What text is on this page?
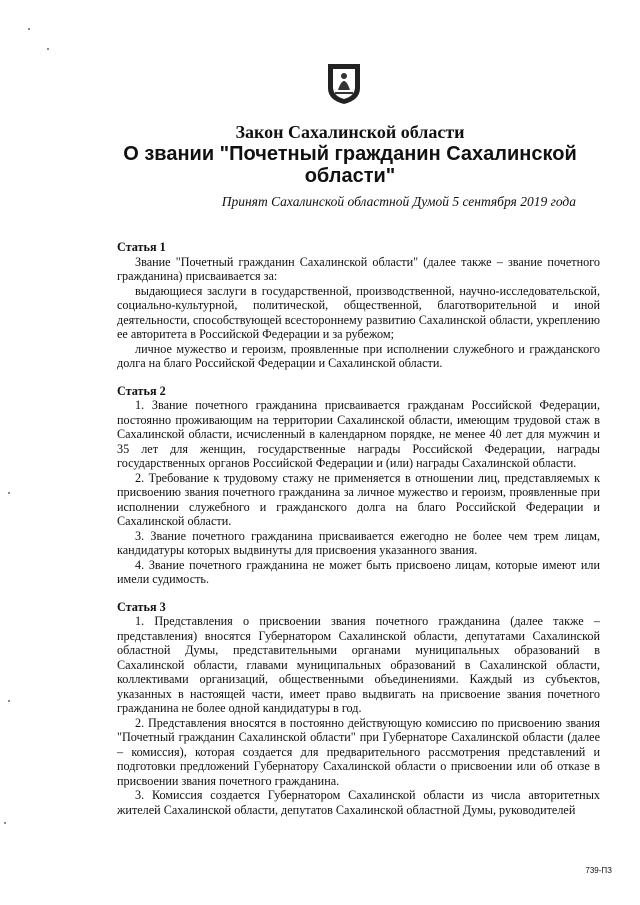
Закон Сахалинской области
О звании "Почетный гражданин Сахалинской
области"
Принят Сахалинской областной Думой 5 сентября 2019 года
Статья 1

Звание "Почетный гражданин Сахалинской области" (далее также – звание почетного гражданина) присваивается за:

выдающиеся заслуги в государственной, производственной, научно-исследовательской, социально-культурной, политической, общественной, благотворительной и иной деятельности, способствующей всестороннему развитию Сахалинской области, укреплению ее авторитета в Российской Федерации и за рубежом;

личное мужество и героизм, проявленные при исполнении служебного и гражданского долга на благо Российской Федерации и Сахалинской области.

Статья 2

1. Звание почетного гражданина присваивается гражданам Российской Федерации, постоянно проживающим на территории Сахалинской области, имеющим трудовой стаж в Сахалинской области, исчисленный в календарном порядке, не менее 40 лет для мужчин и 35 лет для женщин, государственные награды Российской Федерации, награды государственных органов Российской Федерации и (или) награды Сахалинской области.

2. Требование к трудовому стажу не применяется в отношении лиц, представляемых к присвоению звания почетного гражданина за личное мужество и героизм, проявленные при исполнении служебного и гражданского долга на благо Российской Федерации и Сахалинской области.

3. Звание почетного гражданина присваивается ежегодно не более чем трем лицам, кандидатуры которых выдвинуты для присвоения указанного звания.

4. Звание почетного гражданина не может быть присвоено лицам, которые имеют или имели судимость.

Статья 3

1. Представления о присвоении звания почетного гражданина (далее также – представления) вносятся Губернатором Сахалинской области, депутатами Сахалинской областной Думы, представительными органами муниципальных образований в Сахалинской области, главами муниципальных образований в Сахалинской области, коллективами организаций, общественными объединениями. Каждый из субъектов, указанных в настоящей части, имеет право выдвигать на присвоение звания почетного гражданина не более одной кандидатуры в год.

2. Представления вносятся в постоянно действующую комиссию по присвоению звания "Почетный гражданин Сахалинской области" при Губернаторе Сахалинской области (далее – комиссия), которая создается для предварительного рассмотрения представлений и подготовки предложений Губернатору Сахалинской области о присвоении или об отказе в присвоении звания почетного гражданина.

3. Комиссия создается Губернатором Сахалинской области из числа авторитетных жителей Сахалинской области, депутатов Сахалинской областной Думы, руководителей

739-ПЗ
